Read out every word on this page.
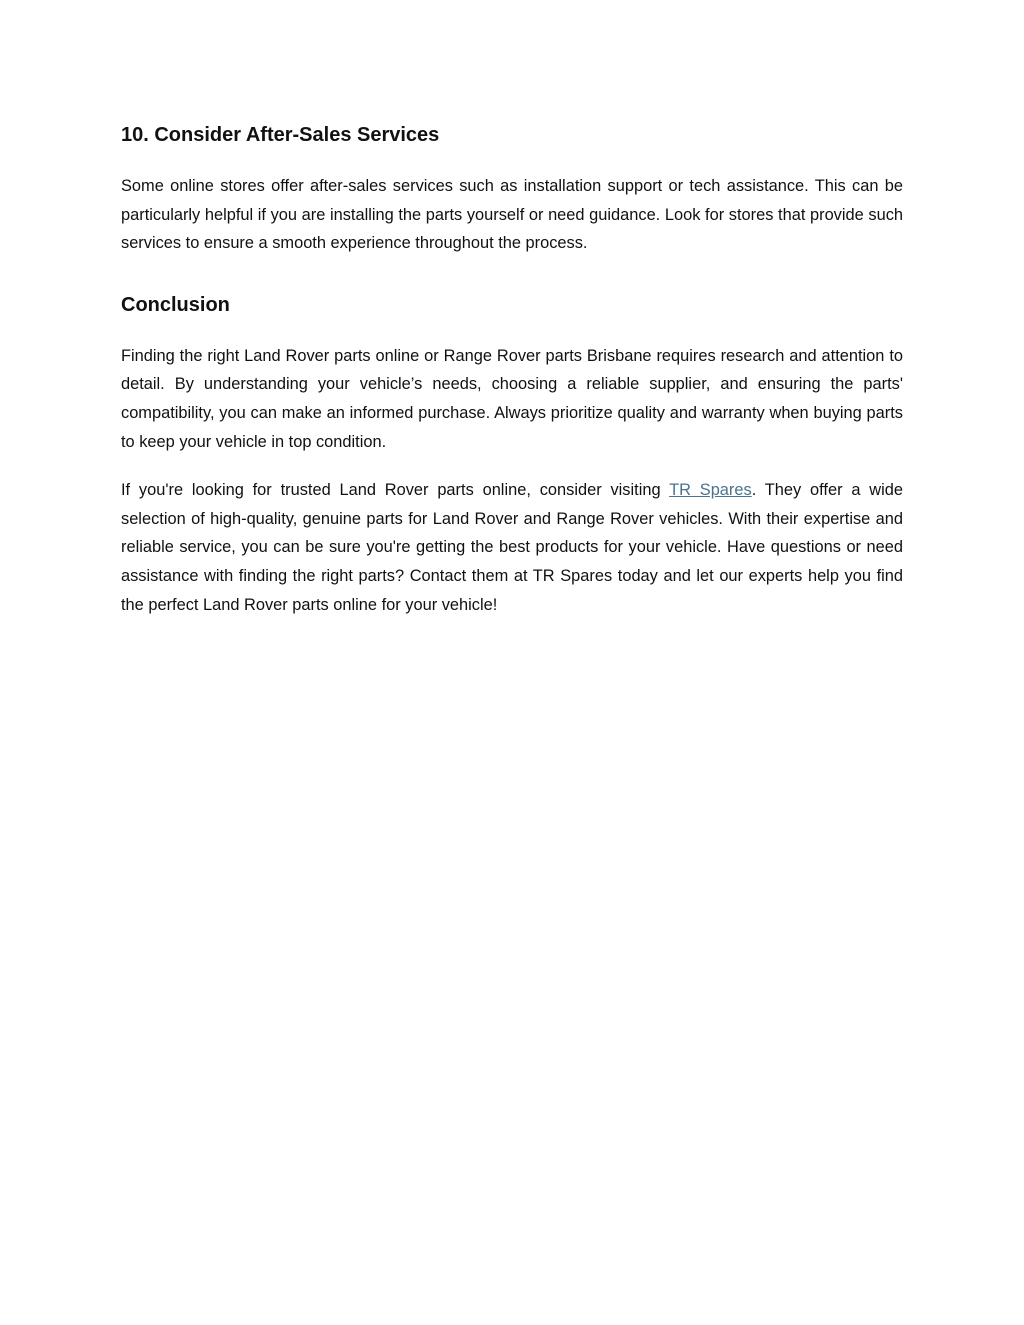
10. Consider After-Sales Services

Some online stores offer after-sales services such as installation support or tech assistance. This can be particularly helpful if you are installing the parts yourself or need guidance. Look for stores that provide such services to ensure a smooth experience throughout the process.

Conclusion

Finding the right Land Rover parts online or Range Rover parts Brisbane requires research and attention to detail. By understanding your vehicle’s needs, choosing a reliable supplier, and ensuring the parts' compatibility, you can make an informed purchase. Always prioritize quality and warranty when buying parts to keep your vehicle in top condition.

If you're looking for trusted Land Rover parts online, consider visiting TR Spares. They offer a wide selection of high-quality, genuine parts for Land Rover and Range Rover vehicles. With their expertise and reliable service, you can be sure you're getting the best products for your vehicle. Have questions or need assistance with finding the right parts? Contact them at TR Spares today and let our experts help you find the perfect Land Rover parts online for your vehicle!
